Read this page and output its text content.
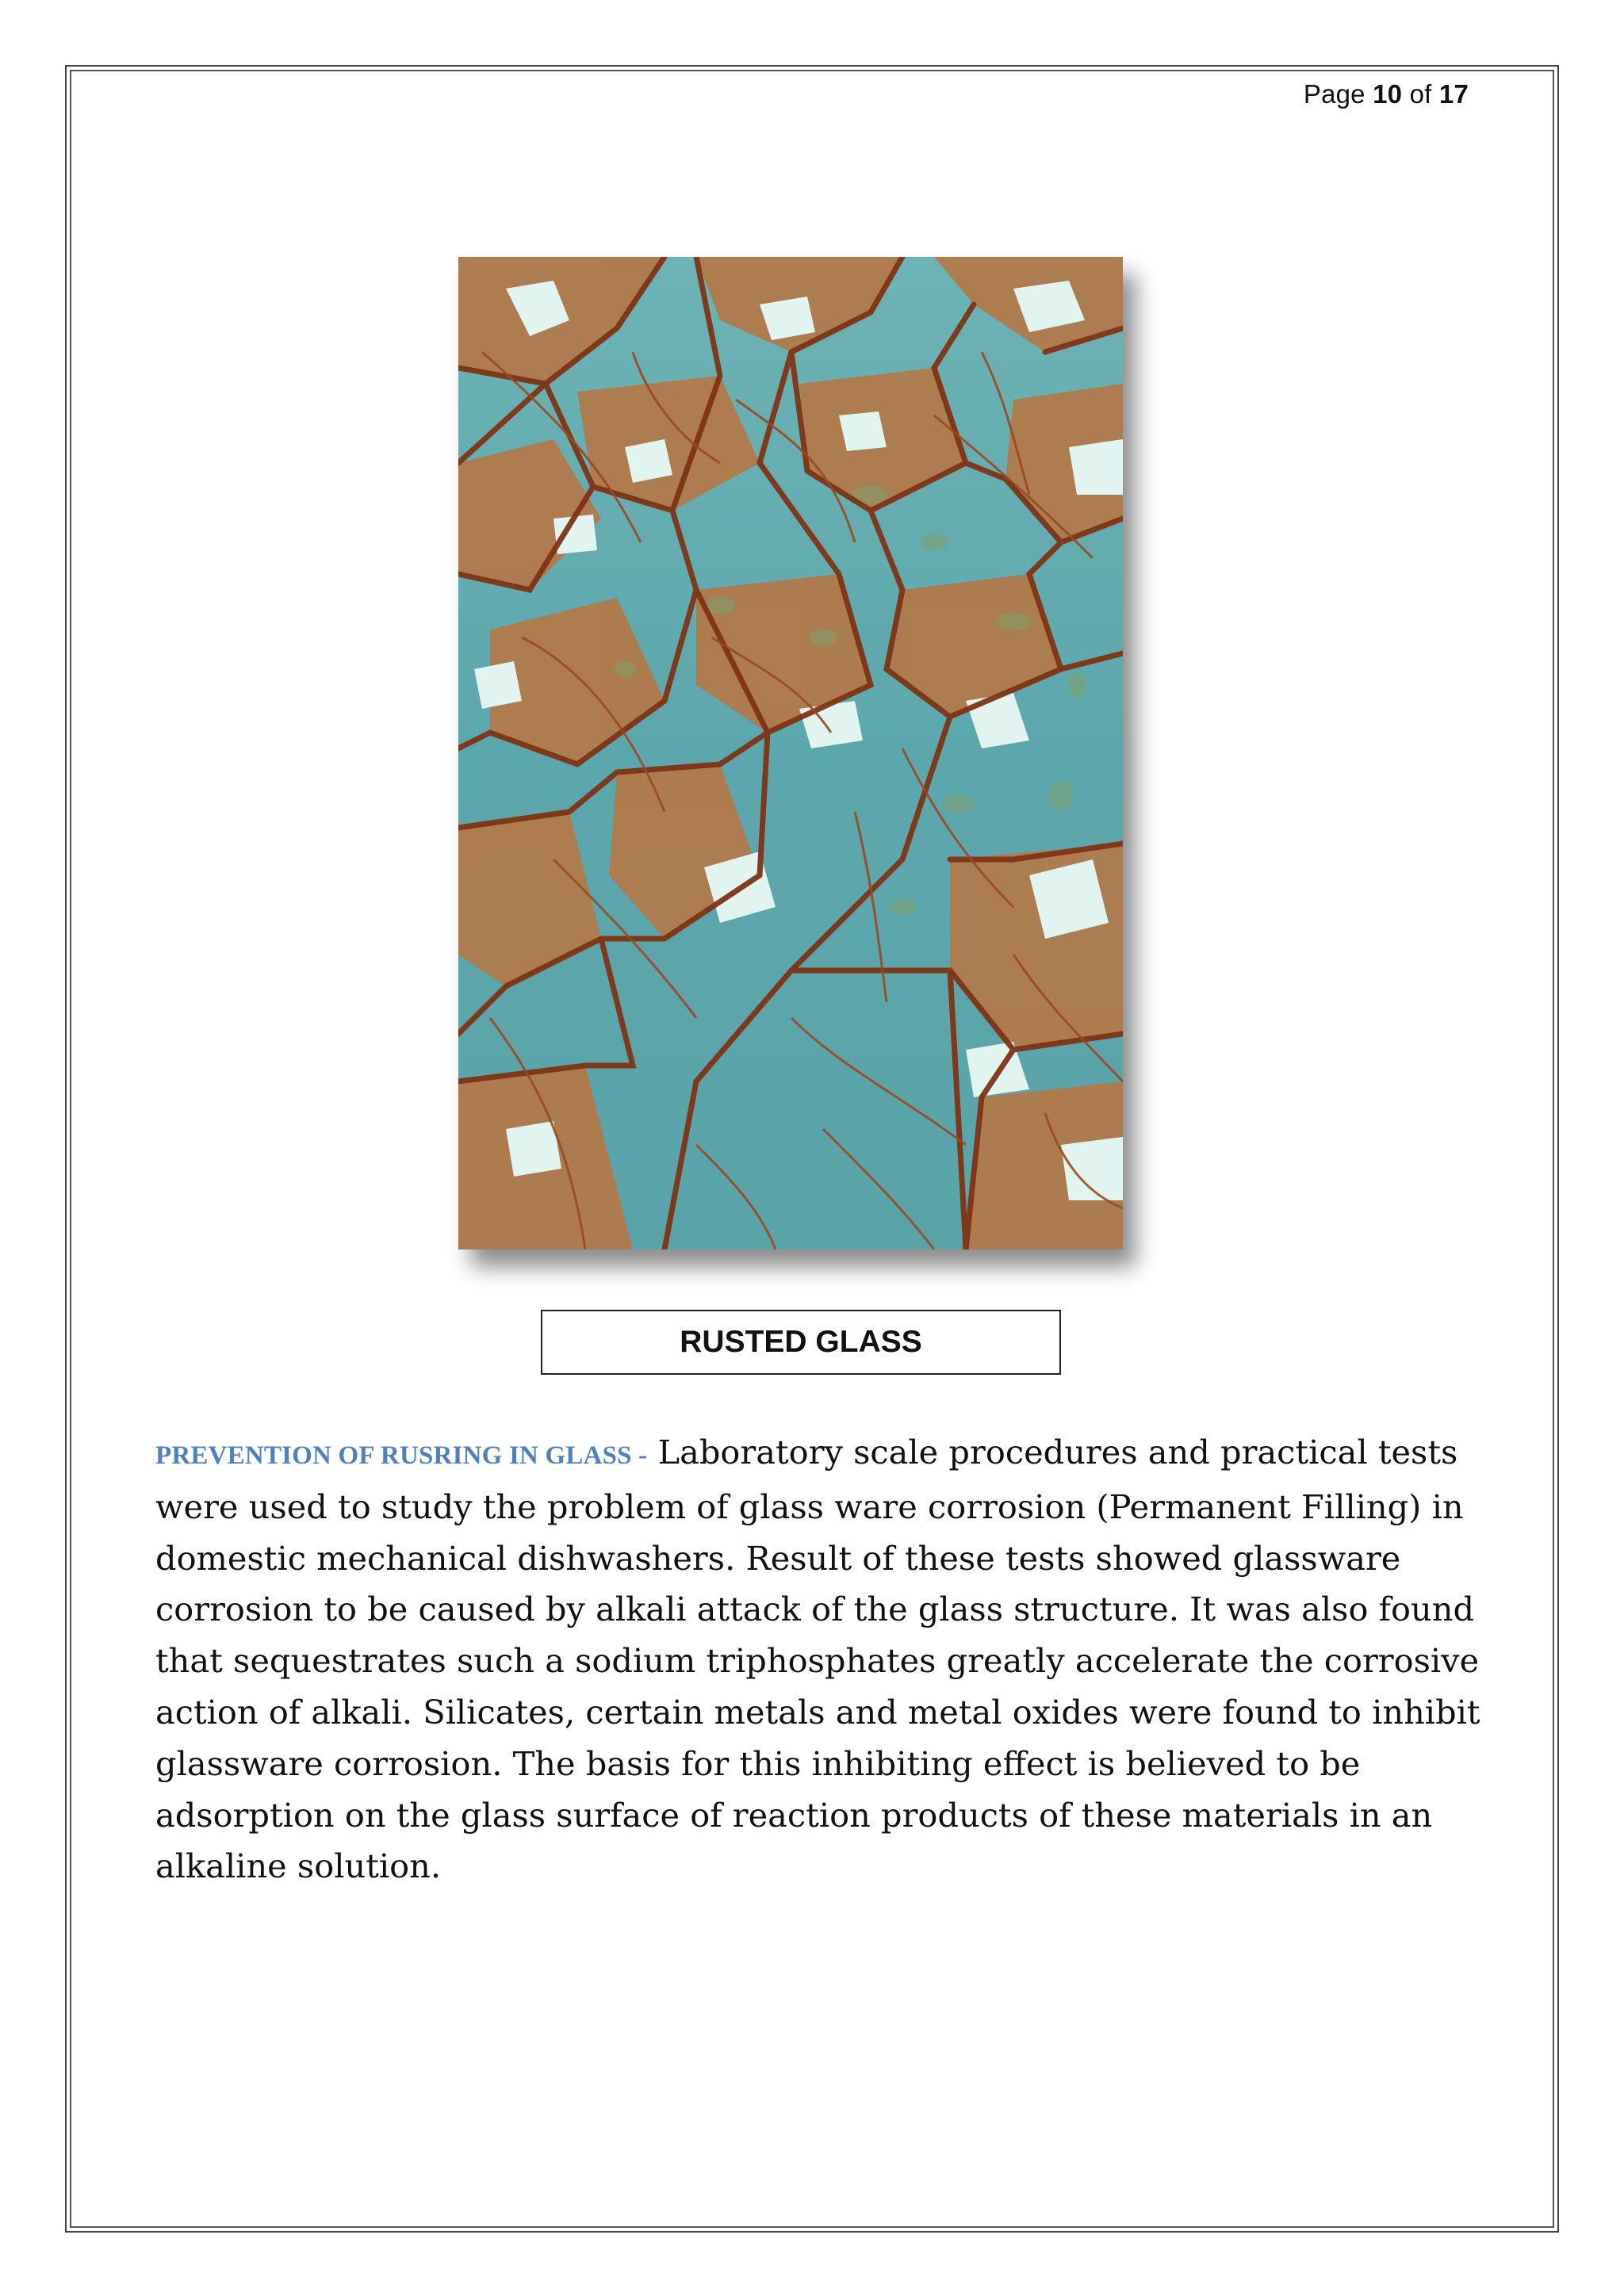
Page 10 of 17
RUSTED GLASS
PREVENTION OF RUSRING IN GLASS - Laboratory scale procedures and practical tests
were used to study the problem of glass ware corrosion (Permanent Filling) in
domestic mechanical dishwashers. Result of these tests showed glassware
corrosion to be caused by alkali attack of the glass structure. It was also found
that sequestrates such a sodium triphosphates greatly accelerate the corrosive
action of alkali. Silicates, certain metals and metal oxides were found to inhibit
glassware corrosion. The basis for this inhibiting effect is believed to be
adsorption on the glass surface of reaction products of these materials in an
alkaline solution.
